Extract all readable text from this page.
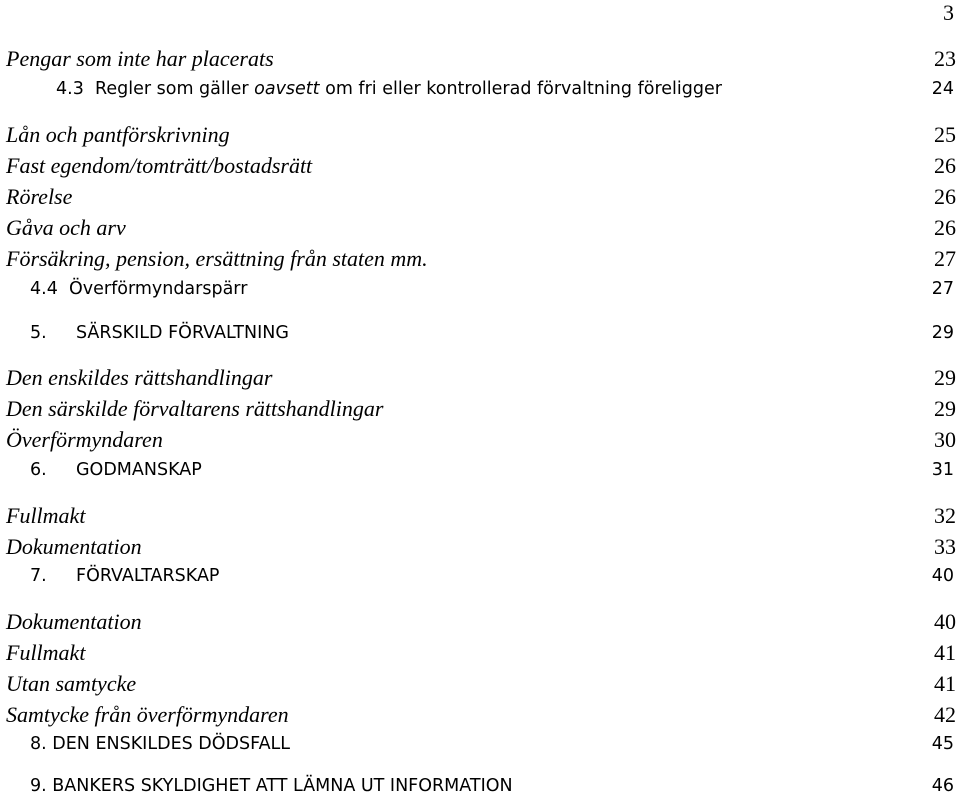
3
Pengar som inte har placerats	23
4.3 Regler som gäller oavsett om fri eller kontrollerad förvaltning föreligger	24
Lån och pantförskrivning	25
Fast egendom/tomträtt/bostadsrätt	26
Rörelse	26
Gåva och arv	26
Försäkring, pension, ersättning från staten mm.	27
4.4 Överförmyndarspärr	27
5. SÄRSKILD FÖRVALTNING	29
Den enskildes rättshandlingar	29
Den särskilde förvaltarens rättshandlingar	29
Överförmyndaren	30
6. GODMANSKAP	31
Fullmakt	32
Dokumentation	33
7. FÖRVALTARSKAP	40
Dokumentation	40
Fullmakt	41
Utan samtycke	41
Samtycke från överförmyndaren	42
8. DEN ENSKILDES DÖDSFALL	45
9. BANKERS SKYLDIGHET ATT LÄMNA UT INFORMATION	46
